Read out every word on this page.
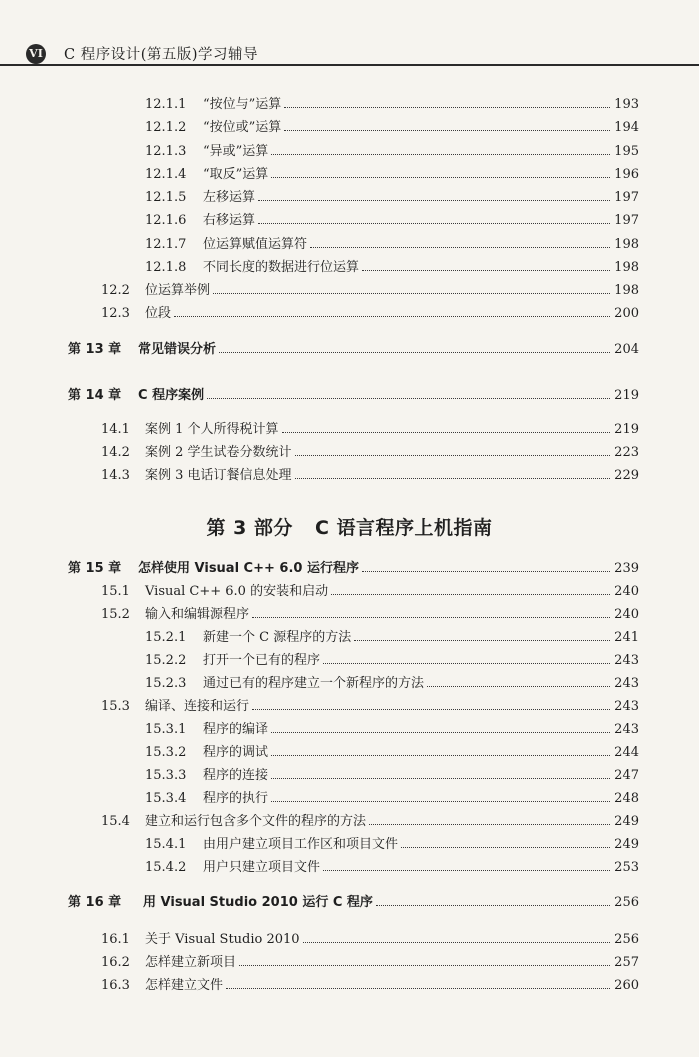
VI C 程序设计(第五版)学习辅导
12.1.1	“按位与”运算	193
12.1.2	“按位或”运算	194
12.1.3	“异或”运算	195
12.1.4	“取反”运算	196
12.1.5	左移运算	197
12.1.6	右移运算	197
12.1.7	位运算赋值运算符	198
12.1.8	不同长度的数据进行位运算	198
12.2	位运算举例	198
12.3	位段	200
第 13 章	常见错误分析	204
第 14 章	C 程序案例	219
14.1	案例 1 个人所得税计算	219
14.2	案例 2 学生试卷分数统计	223
14.3	案例 3 电话订餐信息处理	229
第 3 部分 C 语言程序上机指南
第 15 章	怎样使用 Visual C++ 6.0 运行程序	239
15.1	Visual C++ 6.0 的安装和启动	240
15.2	输入和编辑源程序	240
15.2.1	新建一个 C 源程序的方法	241
15.2.2	打开一个已有的程序	243
15.2.3	通过已有的程序建立一个新程序的方法	243
15.3	编译、连接和运行	243
15.3.1	程序的编译	243
15.3.2	程序的调试	244
15.3.3	程序的连接	247
15.3.4	程序的执行	248
15.4	建立和运行包含多个文件的程序的方法	249
15.4.1	由用户建立项目工作区和项目文件	249
15.4.2	用户只建立项目文件	253
第 16 章	用 Visual Studio 2010 运行 C 程序	256
16.1	关于 Visual Studio 2010	256
16.2	怎样建立新项目	257
16.3	怎样建立文件	260
